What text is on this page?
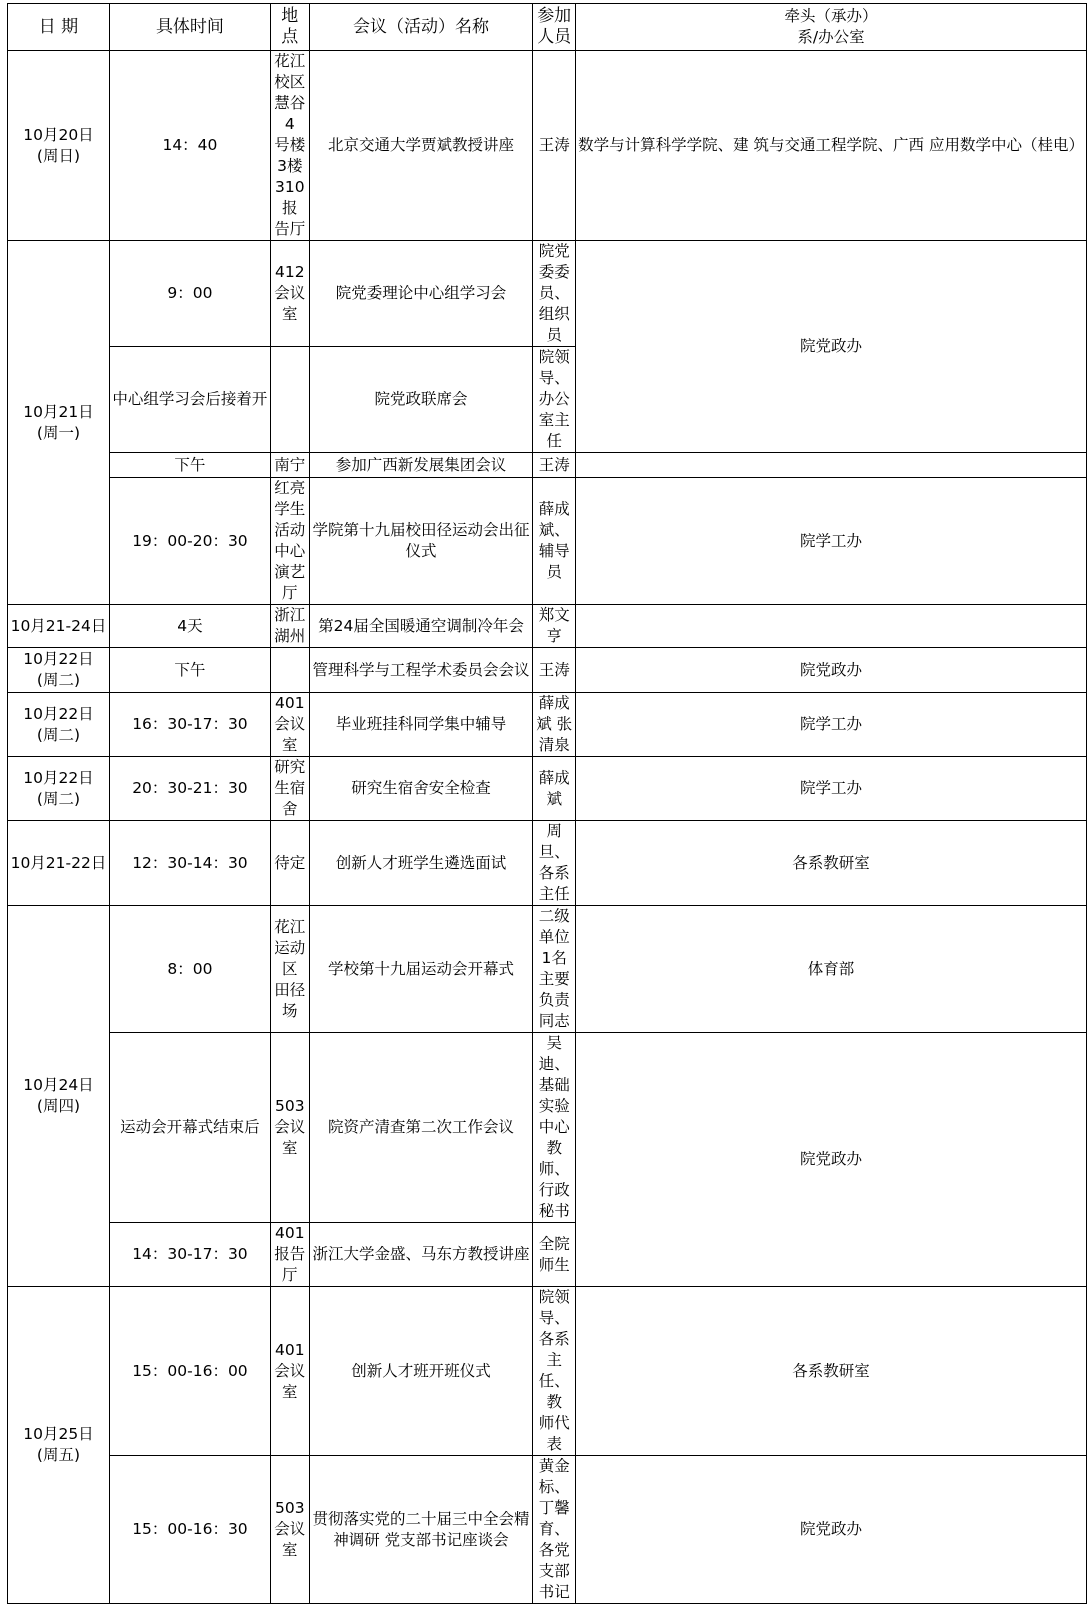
日 期	具体时间	地 点	会议（活动）名称	参加人员	牵头（承办）
系/办公室

10月20日
(周日)	14：40	花江校区慧谷4
号楼3楼310报
告厅	北京交通大学贾斌教授讲座	王涛	数学与计算科学学院、建 筑与交通工程学院、广西 应用数学中心（桂电）

10月21日
(周一)	9：00	412会议室	院党委理论中心组学习会	院党委委员、组织员	院党政办

	中心组学习会后接着开		院党政联席会	院领导、办公室主任	

	下午	南宁	参加广西新发展集团会议	王涛	

	19：00-20：30	红亮学生活动
中心演艺厅	学院第十九届校田径运动会出征
仪式	薛成斌、辅导员	院学工办

10月21-24日	4天	浙江湖州	第24届全国暖通空调制冷年会	郑文亨	

10月22日
(周二)	下午		管理科学与工程学术委员会会议	王涛	院党政办

10月22日
(周二)	16：30-17：30	401会议室	毕业班挂科同学集中辅导	薛成斌 张清泉	院学工办

10月22日
(周二)	20：30-21：30	研究生宿舍	研究生宿舍安全检查	薛成斌	院学工办

10月21-22日	12：30-14：30	待定	创新人才班学生遴选面试	周旦、各系主任	各系教研室

10月24日
(周四)	8：00	花江运动区
田径场	学校第十九届运动会开幕式	二级单位1名
主要负责同志	体育部

	运动会开幕式结束后	503会议室	院资产清查第二次工作会议	吴迪、基础实验中心教
师、行政秘书	院党政办

	14：30-17：30	401报告厅	浙江大学金盛、马东方教授讲座	全院师生	

10月25日
(周五)	15：00-16：00	401会议室	创新人才班开班仪式	院领导、各系主任、教
师代表	各系教研室

	15：00-16：30	503会议室	贯彻落实党的二十届三中全会精
神调研 党支部书记座谈会	黄金标、丁馨育、各党
支部书记	院党政办
